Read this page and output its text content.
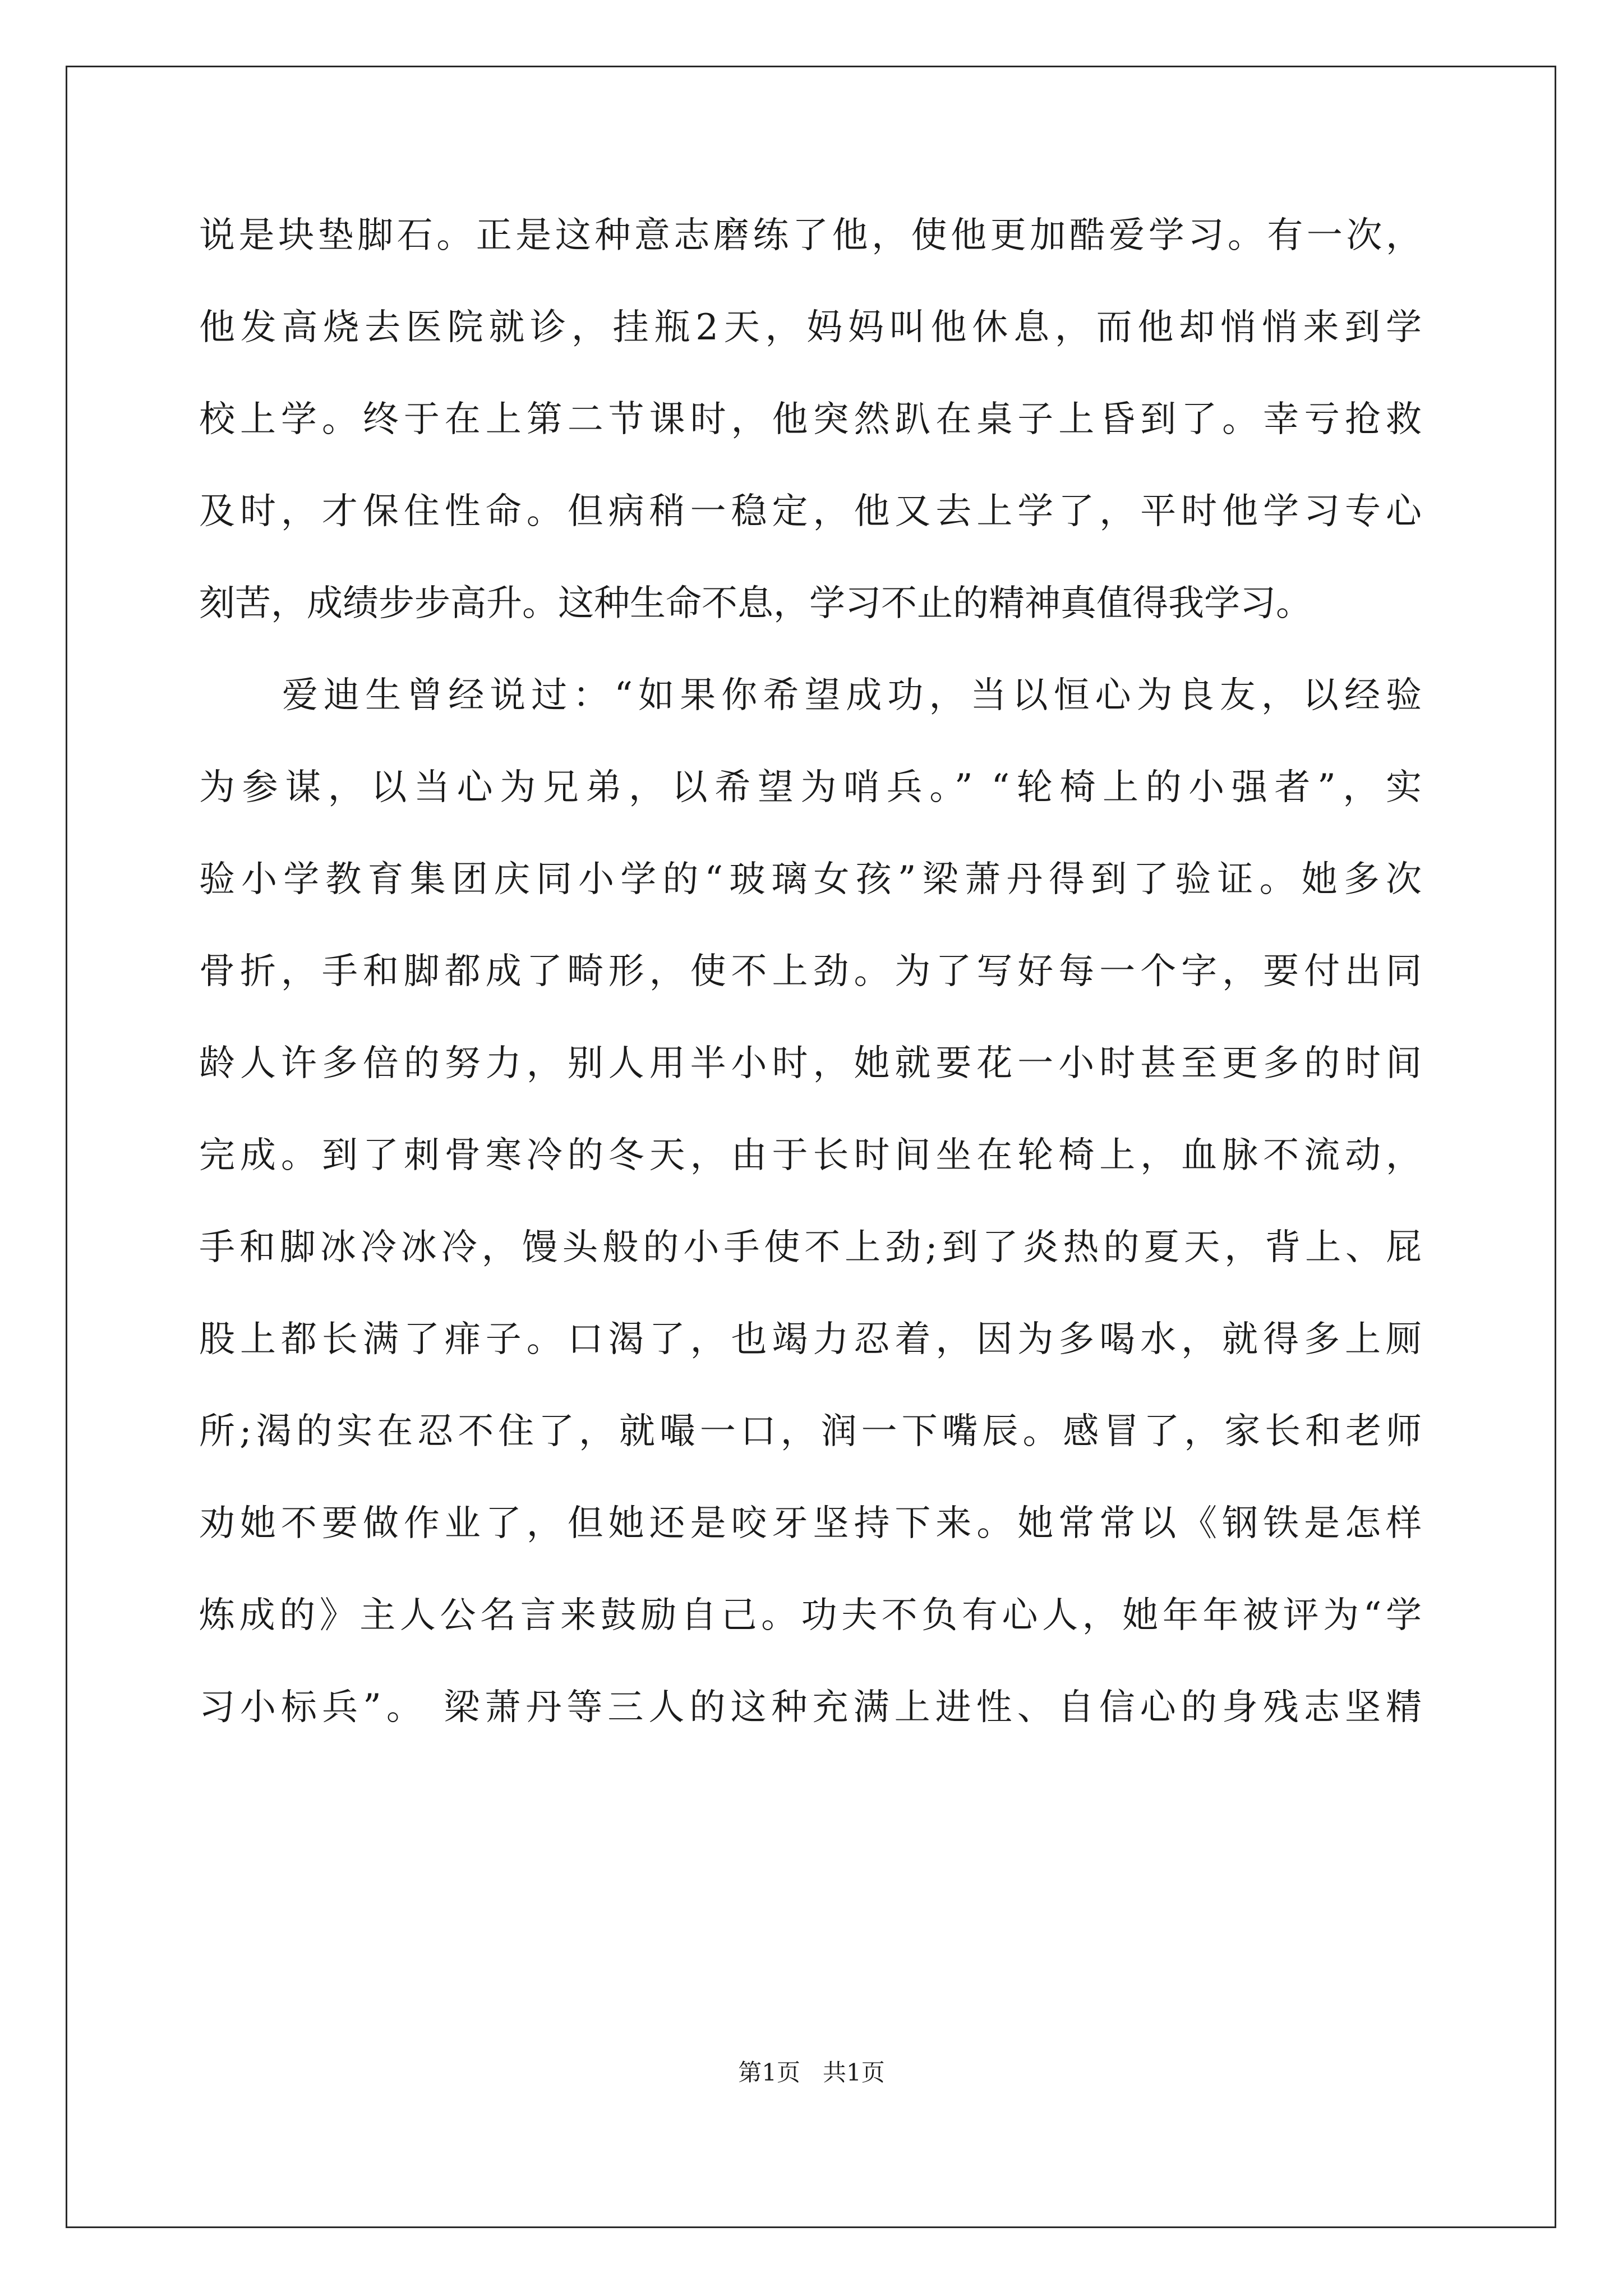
说是块垫脚石。正是这种意志磨练了他，使他更加酷爱学习。有一次，
他发高烧去医院就诊，挂瓶2天，妈妈叫他休息，而他却悄悄来到学
校上学。终于在上第二节课时，他突然趴在桌子上昏到了。幸亏抢救
及时，才保住性命。但病稍一稳定，他又去上学了，平时他学习专心
刻苦，成绩步步高升。这种生命不息，学习不止的精神真值得我学习。
爱迪生曾经说过：“如果你希望成功，当以恒心为良友，以经验
为参谋，以当心为兄弟，以希望为哨兵。” “轮椅上的小强者”，实
验小学教育集团庆同小学的“玻璃女孩”梁萧丹得到了验证。她多次
骨折，手和脚都成了畸形，使不上劲。为了写好每一个字，要付出同
龄人许多倍的努力，别人用半小时，她就要花一小时甚至更多的时间
完成。到了刺骨寒冷的冬天，由于长时间坐在轮椅上，血脉不流动，
手和脚冰冷冰冷，馒头般的小手使不上劲;到了炎热的夏天，背上、屁
股上都长满了痱子。口渴了，也竭力忍着，因为多喝水，就得多上厕
所;渴的实在忍不住了，就嘬一口，润一下嘴辰。感冒了，家长和老师
劝她不要做作业了，但她还是咬牙坚持下来。她常常以《钢铁是怎样
炼成的》主人公名言来鼓励自己。功夫不负有心人，她年年被评为“学
习小标兵”。 梁萧丹等三人的这种充满上进性、自信心的身残志坚精
第1页 共1页
